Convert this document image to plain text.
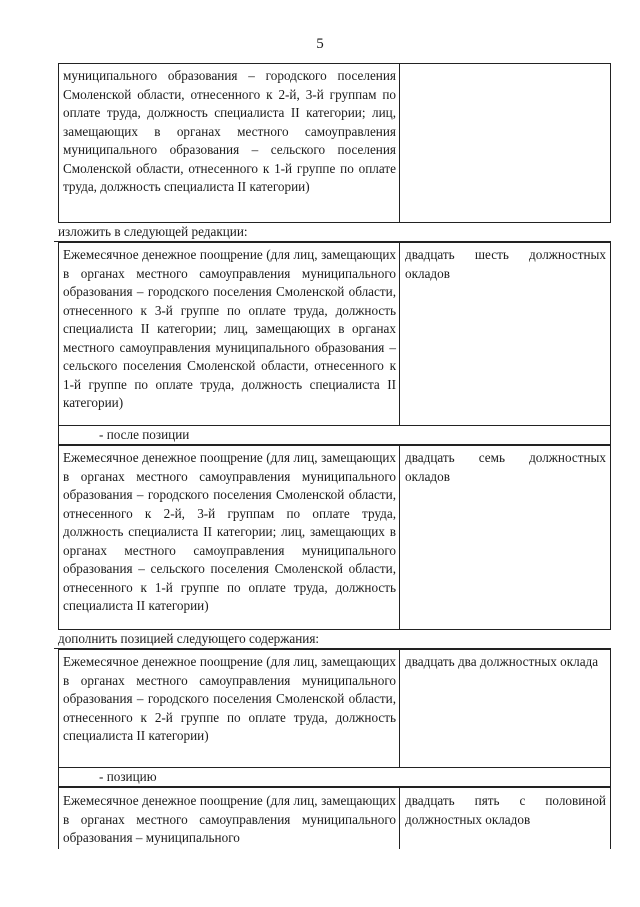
5
муниципального образования – городского поселения Смоленской области, отнесенного к 2-й, 3-й группам по оплате труда, должность специалиста II категории; лиц, замещающих в органах местного самоуправления муниципального образования – сельского поселения Смоленской области, отнесенного к 1-й группе по оплате труда, должность специалиста II категории)
изложить в следующей редакции:
Ежемесячное денежное поощрение (для лиц, замещающих в органах местного самоуправления муниципального образования – городского поселения Смоленской области, отнесенного к 3-й группе по оплате труда, должность специалиста II категории; лиц, замещающих в органах местного самоуправления муниципального образования – сельского поселения Смоленской области, отнесенного к 1-й группе по оплате труда, должность специалиста II категории)
двадцать шесть должностных окладов
- после позиции
Ежемесячное денежное поощрение (для лиц, замещающих в органах местного самоуправления муниципального образования – городского поселения Смоленской области, отнесенного к 2-й, 3-й группам по оплате труда, должность специалиста II категории; лиц, замещающих в органах местного самоуправления муниципального образования – сельского поселения Смоленской области, отнесенного к 1-й группе по оплате труда, должность специалиста II категории)
двадцать семь должностных окладов
дополнить позицией следующего содержания:
Ежемесячное денежное поощрение (для лиц, замещающих в органах местного самоуправления муниципального образования – городского поселения Смоленской области, отнесенного к 2-й группе по оплате труда, должность специалиста II категории)
двадцать два должностных оклада
- позицию
Ежемесячное денежное поощрение (для лиц, замещающих в органах местного самоуправления муниципального образования – муниципального
двадцать пять с половиной должностных окладов
